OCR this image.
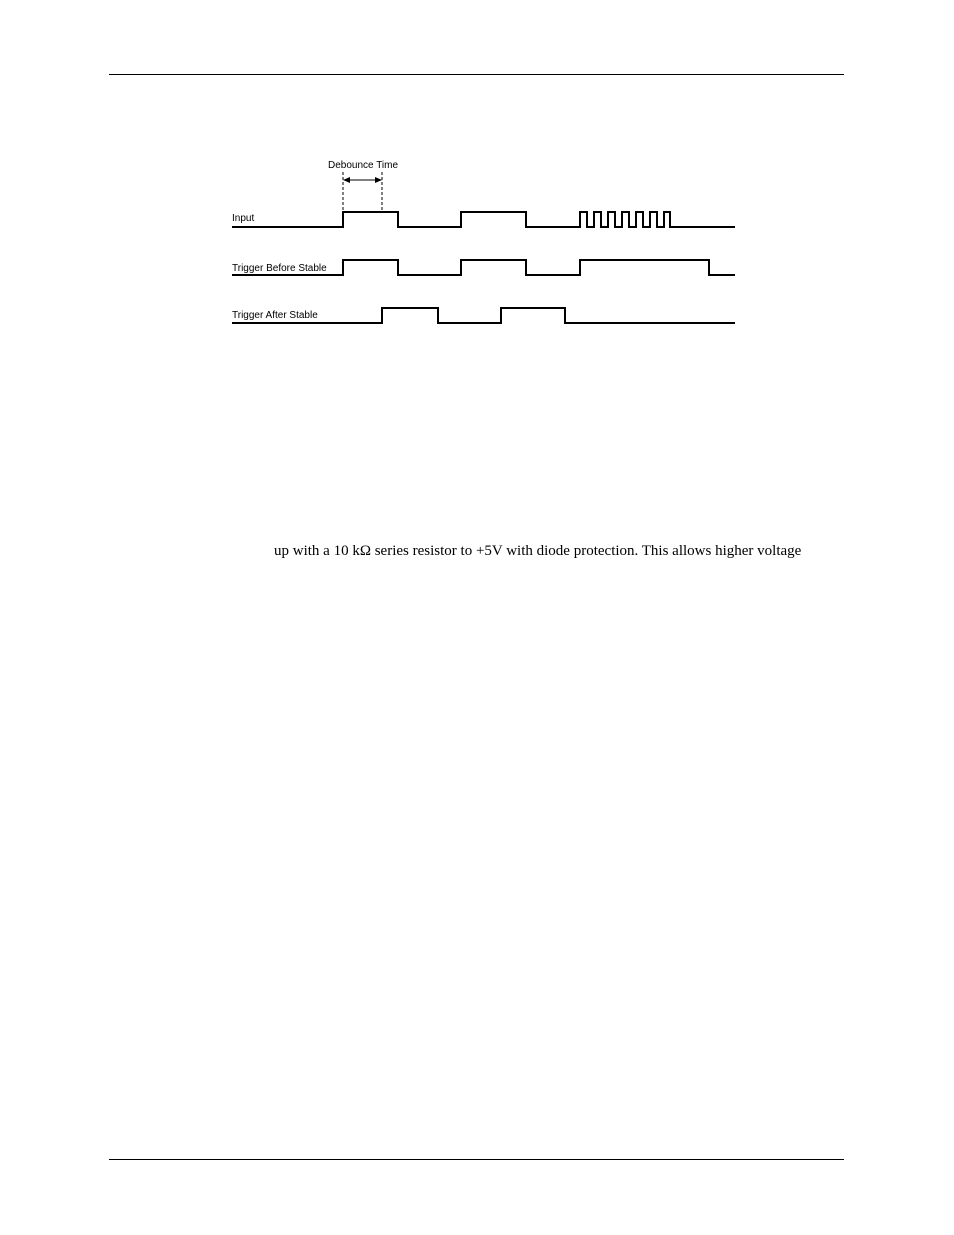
Debounce Time
Input
Trigger Before Stable
Trigger After Stable
up with a 10 kΩ series resistor to +5V with diode protection. This allows higher voltage
